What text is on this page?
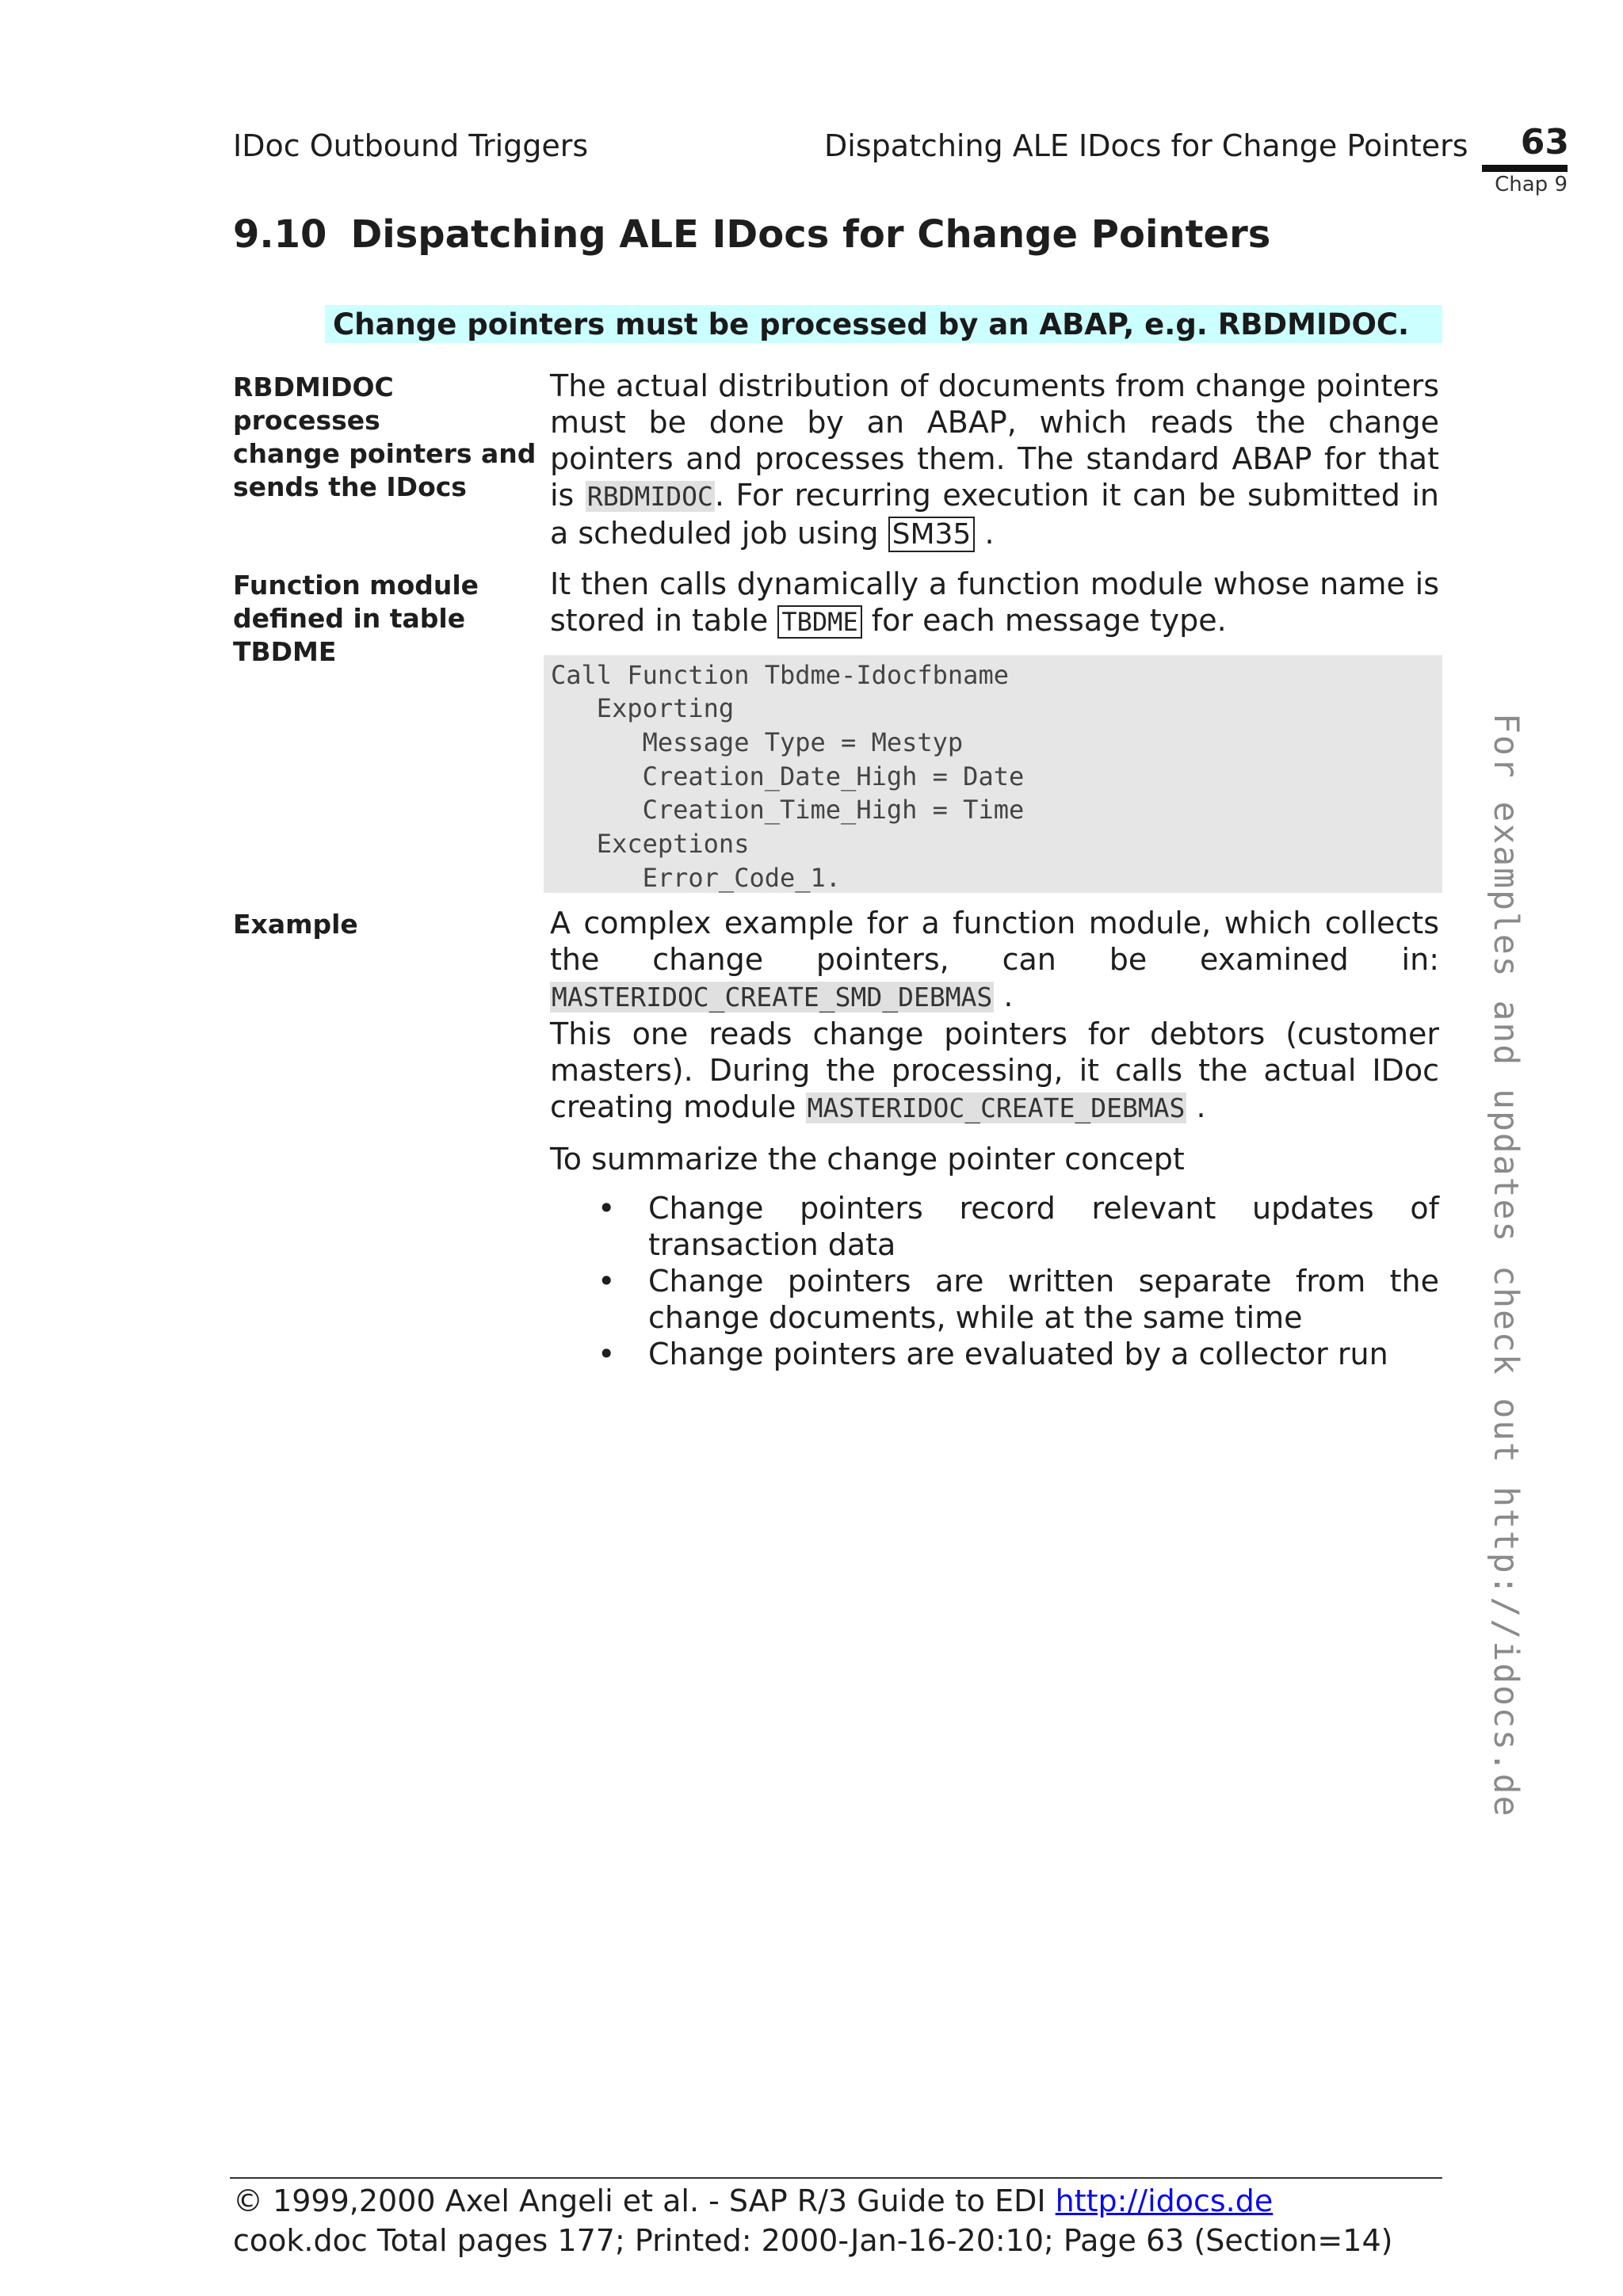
IDoc Outbound Triggers	Dispatching ALE IDocs for Change Pointers 63
Chap 9
9.10 Dispatching ALE IDocs for Change Pointers
Change pointers must be processed by an ABAP, e.g. RBDMIDOC.
RBDMIDOC processes
change pointers and
sends the IDocs
The actual distribution of documents from change pointers must be done by an ABAP, which reads the change pointers and processes them. The standard ABAP for that is RBDMIDOC. For recurring execution it can be submitted in a scheduled job using SM35 .
Function module
defined in table TBDME
It then calls dynamically a function module whose name is stored in table TBDME for each message type.
Call Function Tbdme-Idocfbname
Exporting
Message Type = Mestyp
Creation_Date_High = Date
Creation_Time_High = Time
Exceptions
Error_Code_1.
Example	A complex example for a function module, which collects the change pointers, can be examined in: MASTERIDOC_CREATE_SMD_DEBMAS .
This one reads change pointers for debtors (customer masters). During the processing, it calls the actual IDoc creating module MASTERIDOC_CREATE_DEBMAS .
To summarize the change pointer concept
• Change pointers record relevant updates of transaction data
• Change pointers are written separate from the change documents, while at the same time
• Change pointers are evaluated by a collector run	For examples and updates check out http://idocs.de
© 1999,2000 Axel Angeli et al. - SAP R/3 Guide to EDI http://idocs.de
cook.doc Total pages 177; Printed: 2000-Jan-16-20:10; Page 63 (Section=14)
